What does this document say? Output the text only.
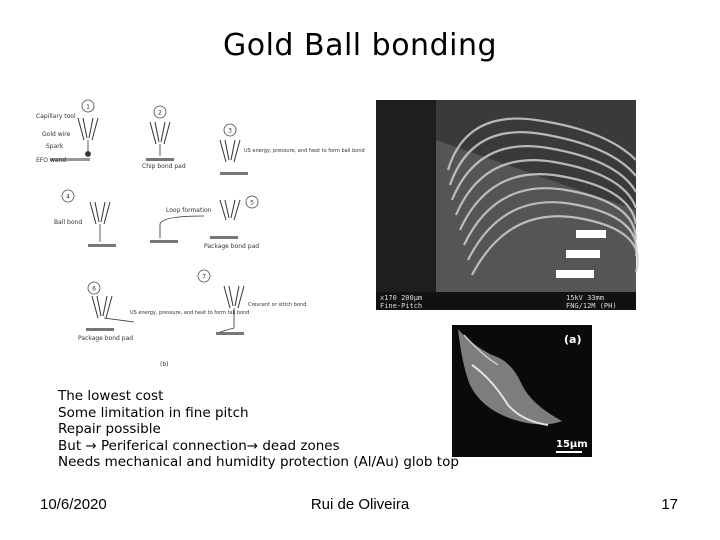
Gold Ball bonding
1
2
3
4
5
6
7
Capillary tool
Gold wire
Spark
EFO wand
Chip bond pad
US energy, pressure, and heat to form ball bond
Loop formation
Ball bond
Package bond pad
US energy, pressure, and heat to form tail bond
Package bond pad
Crescent or stitch bond
(b)
x170 200µm
Fine-Pitch
15kV 33mm
FNG/12M (PH)
(a)
15µm
The lowest cost
Some limitation in fine pitch
Repair possible
But → Periferical connection→ dead zones
Needs mechanical and humidity protection (Al/Au) glob top
10/6/2020	Rui de Oliveira	17
